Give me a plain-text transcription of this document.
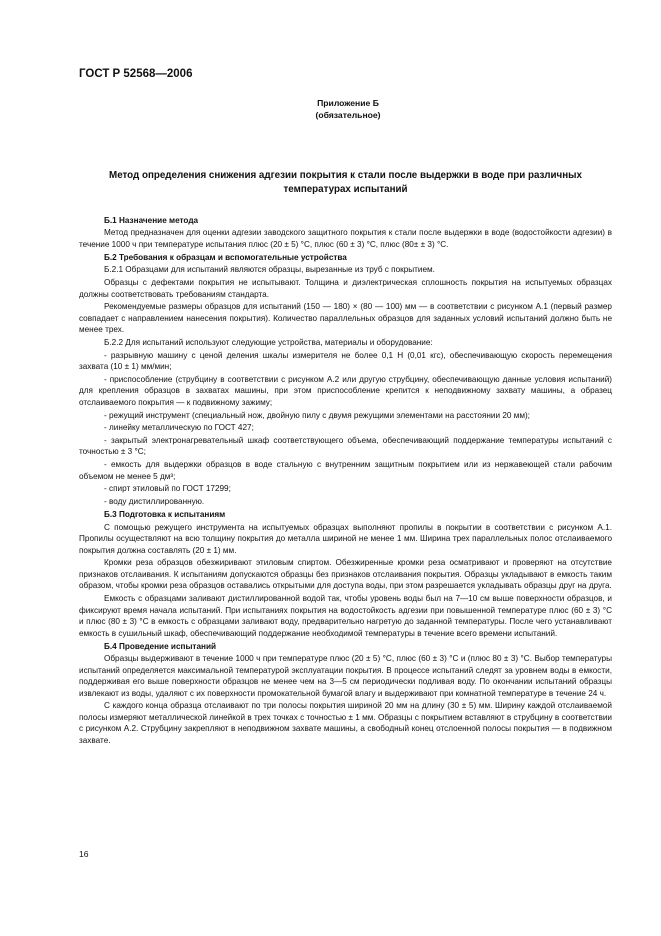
ГОСТ Р 52568—2006
Приложение Б
(обязательное)
Метод определения снижения адгезии покрытия к стали после выдержки в воде при различных температурах испытаний

Б.1 Назначение метода

Метод предназначен для оценки адгезии заводского защитного покрытия к стали после выдержки в воде (водостойкости адгезии) в течение 1000 ч при температуре испытания плюс (20 ± 5) °С, плюс (60 ± 3) °С, плюс (80± ± 3) °С.

Б.2 Требования к образцам и вспомогательные устройства

Б.2.1 Образцами для испытаний являются образцы, вырезанные из труб с покрытием.

Образцы с дефектами покрытия не испытывают. Толщина и диэлектрическая сплошность покрытия на испытуемых образцах должны соответствовать требованиям стандарта.

Рекомендуемые размеры образцов для испытаний (150 — 180) × (80 — 100) мм — в соответствии с рисунком А.1 (первый размер совпадает с направлением нанесения покрытия). Количество параллельных образцов для заданных условий испытаний должно быть не менее трех.

Б.2.2 Для испытаний используют следующие устройства, материалы и оборудование:

- разрывную машину с ценой деления шкалы измерителя не более 0,1 Н (0,01 кгс), обеспечивающую скорость перемещения захвата (10 ± 1) мм/мин;

- приспособление (струбцину в соответствии с рисунком А.2 или другую струбцину, обеспечивающую данные условия испытаний) для крепления образцов в захватах машины, при этом приспособление крепится к неподвижному захвату машины, а образец отслаиваемого покрытия — к подвижному зажиму;

- режущий инструмент (специальный нож, двойную пилу с двумя режущими элементами на расстоянии 20 мм);

- линейку металлическую по ГОСТ 427;

- закрытый электронагревательный шкаф соответствующего объема, обеспечивающий поддержание температуры испытаний с точностью ± 3 °С;

- емкость для выдержки образцов в воде стальную с внутренним защитным покрытием или из нержавеющей стали рабочим объемом не менее 5 дм³;

- спирт этиловый по ГОСТ 17299;

- воду дистиллированную.

Б.3 Подготовка к испытаниям

С помощью режущего инструмента на испытуемых образцах выполняют пропилы в покрытии в соответствии с рисунком А.1. Пропилы осуществляют на всю толщину покрытия до металла шириной не менее 1 мм. Ширина трех параллельных полос отслаиваемого покрытия должна составлять (20 ± 1) мм.

Кромки реза образцов обезжиривают этиловым спиртом. Обезжиренные кромки реза осматривают и проверяют на отсутствие признаков отслаивания. К испытаниям допускаются образцы без признаков отслаивания покрытия. Образцы укладывают в емкость таким образом, чтобы кромки реза образцов оставались открытыми для доступа воды, при этом разрешается укладывать образцы друг на друга.

Емкость с образцами заливают дистиллированной водой так, чтобы уровень воды был на 7—10 см выше поверхности образцов, и фиксируют время начала испытаний. При испытаниях покрытия на водостойкость адгезии при повышенной температуре плюс (60 ± 3) °С и плюс (80 ± 3) °С в емкость с образцами заливают воду, предварительно нагретую до заданной температуры. После чего устанавливают емкость в сушильный шкаф, обеспечивающий поддержание необходимой температуры в течение всего времени испытаний.

Б.4 Проведение испытаний

Образцы выдерживают в течение 1000 ч при температуре плюс (20 ± 5) °С, плюс (60 ± 3) °С и (плюс 80 ± 3) °С. Выбор температуры испытаний определяется максимальной температурой эксплуатации покрытия. В процессе испытаний следят за уровнем воды в емкости, поддерживая его выше поверхности образцов не менее чем на 3—5 см периодически подливая воду. По окончании испытаний образцы извлекают из воды, удаляют с их поверхности промокательной бумагой влагу и выдерживают при комнатной температуре в течение 24 ч.

С каждого конца образца отслаивают по три полосы покрытия шириной 20 мм на длину (30 ± 5) мм. Ширину каждой отслаиваемой полосы измеряют металлической линейкой в трех точках с точностью ± 1 мм. Образцы с покрытием вставляют в струбцину в соответствии с рисунком А.2. Струбцину закрепляют в неподвижном захвате машины, а свободный конец отслоенной полосы покрытия — в подвижном захвате.

16
